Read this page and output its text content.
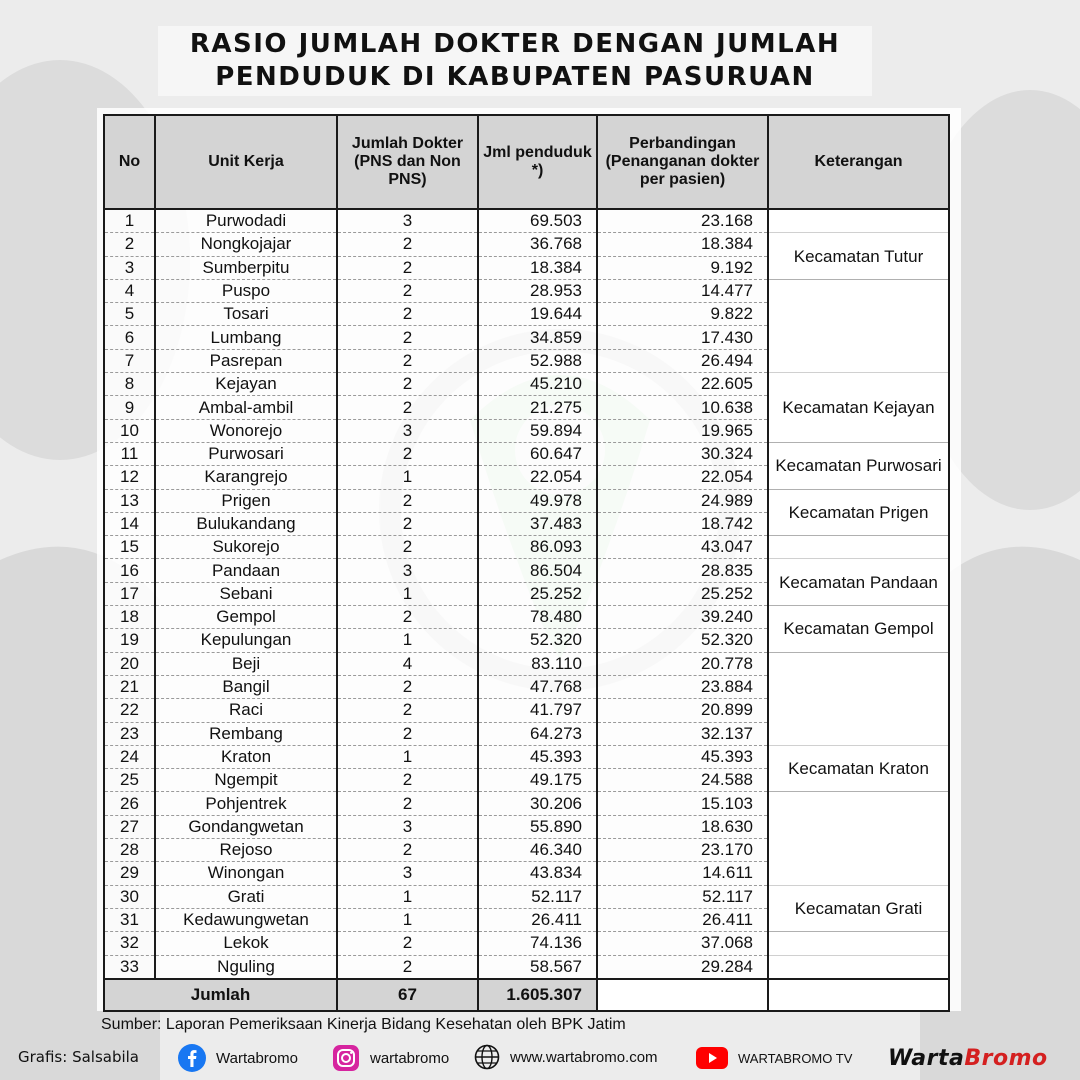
RASIO JUMLAH DOKTER DENGAN JUMLAH
PENDUDUK DI KABUPATEN PASURUAN
No	Unit Kerja	Jumlah Dokter (PNS dan Non PNS)	Jml penduduk *)	Perbandingan (Penanganan dokter per pasien)	Keterangan
1	Purwodadi	3	69.503	23.168	
2	Nongkojajar	2	36.768	18.384	Kecamatan Tutur
3	Sumberpitu	2	18.384	9.192	
4	Puspo	2	28.953	14.477	
5	Tosari	2	19.644	9.822	
6	Lumbang	2	34.859	17.430	
7	Pasrepan	2	52.988	26.494	
8	Kejayan	2	45.210	22.605	Kecamatan Kejayan
9	Ambal-ambil	2	21.275	10.638	
10	Wonorejo	3	59.894	19.965	
11	Purwosari	2	60.647	30.324	Kecamatan Purwosari
12	Karangrejo	1	22.054	22.054	
13	Prigen	2	49.978	24.989	Kecamatan Prigen
14	Bulukandang	2	37.483	18.742	
15	Sukorejo	2	86.093	43.047	
16	Pandaan	3	86.504	28.835	Kecamatan Pandaan
17	Sebani	1	25.252	25.252	
18	Gempol	2	78.480	39.240	Kecamatan Gempol
19	Kepulungan	1	52.320	52.320	
20	Beji	4	83.110	20.778	
21	Bangil	2	47.768	23.884	
22	Raci	2	41.797	20.899	
23	Rembang	2	64.273	32.137	
24	Kraton	1	45.393	45.393	Kecamatan Kraton
25	Ngempit	2	49.175	24.588	
26	Pohjentrek	2	30.206	15.103	
27	Gondangwetan	3	55.890	18.630	
28	Rejoso	2	46.340	23.170	
29	Winongan	3	43.834	14.611	
30	Grati	1	52.117	52.117	Kecamatan Grati
31	Kedawungwetan	1	26.411	26.411	
32	Lekok	2	74.136	37.068	
33	Nguling	2	58.567	29.284	
Jumlah		67	1.605.307		
Sumber: Laporan Pemeriksaan Kinerja Bidang Kesehatan oleh BPK Jatim
Grafis: Salsabila	Wartabromo	wartabromo	www.wartabromo.com	WARTABROMO TV WartaBromo
